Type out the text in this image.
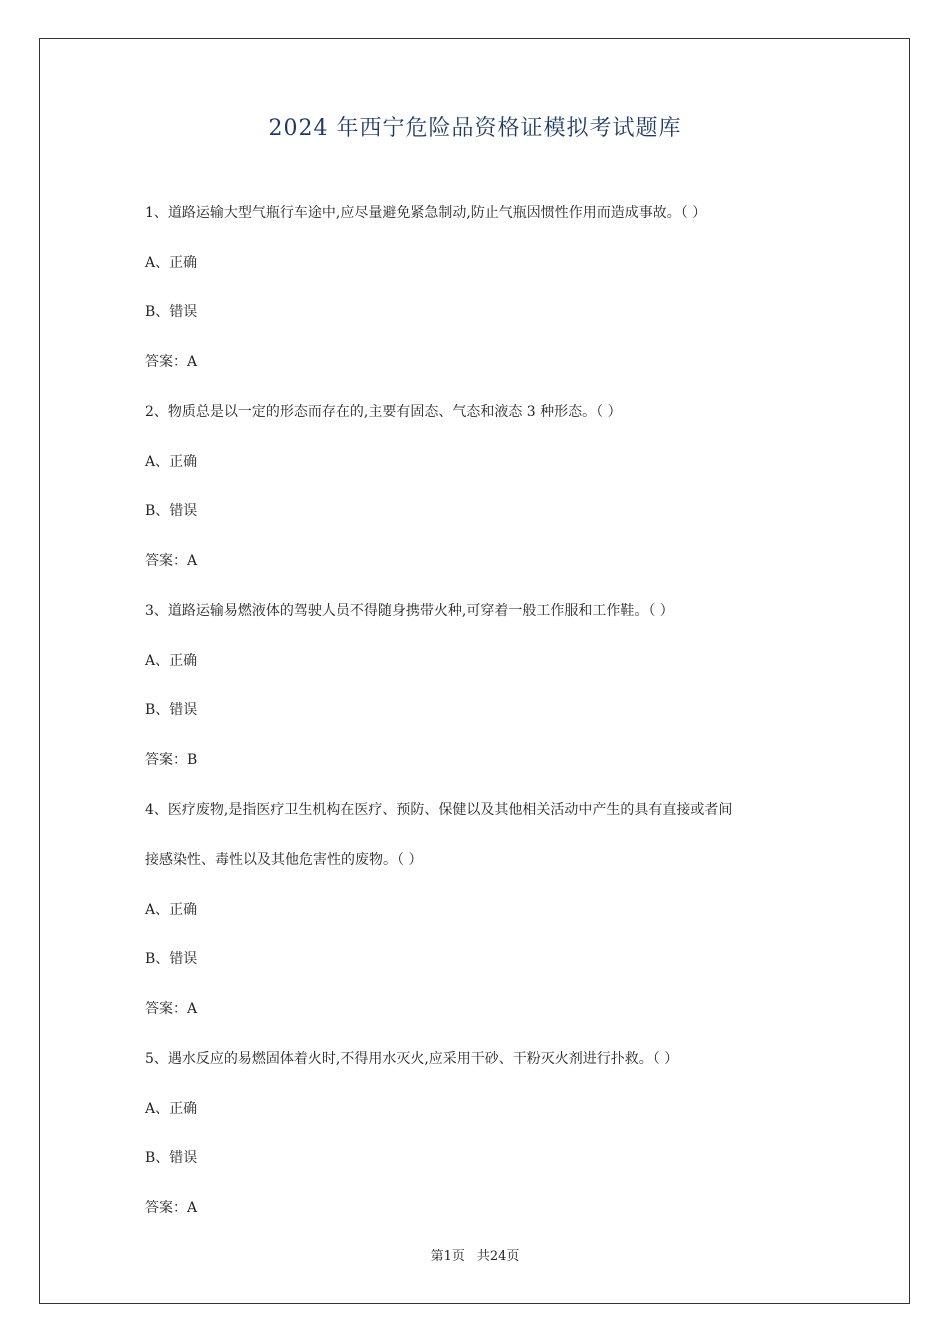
2024 年西宁危险品资格证模拟考试题库
1、道路运输大型气瓶行车途中,应尽量避免紧急制动,防止气瓶因惯性作用而造成事故。（ ）
A、正确
B、错误
答案：A
2、物质总是以一定的形态而存在的,主要有固态、气态和液态 3 种形态。（ ）
A、正确
B、错误
答案：A
3、道路运输易燃液体的驾驶人员不得随身携带火种,可穿着一般工作服和工作鞋。（ ）
A、正确
B、错误
答案：B
4、医疗废物,是指医疗卫生机构在医疗、预防、保健以及其他相关活动中产生的具有直接或者间
接感染性、毒性以及其他危害性的废物。（ ）
A、正确
B、错误
答案：A
5、遇水反应的易燃固体着火时,不得用水灭火,应采用干砂、干粉灭火剂进行扑救。（ ）
A、正确
B、错误
答案：A
第1页 共24页
